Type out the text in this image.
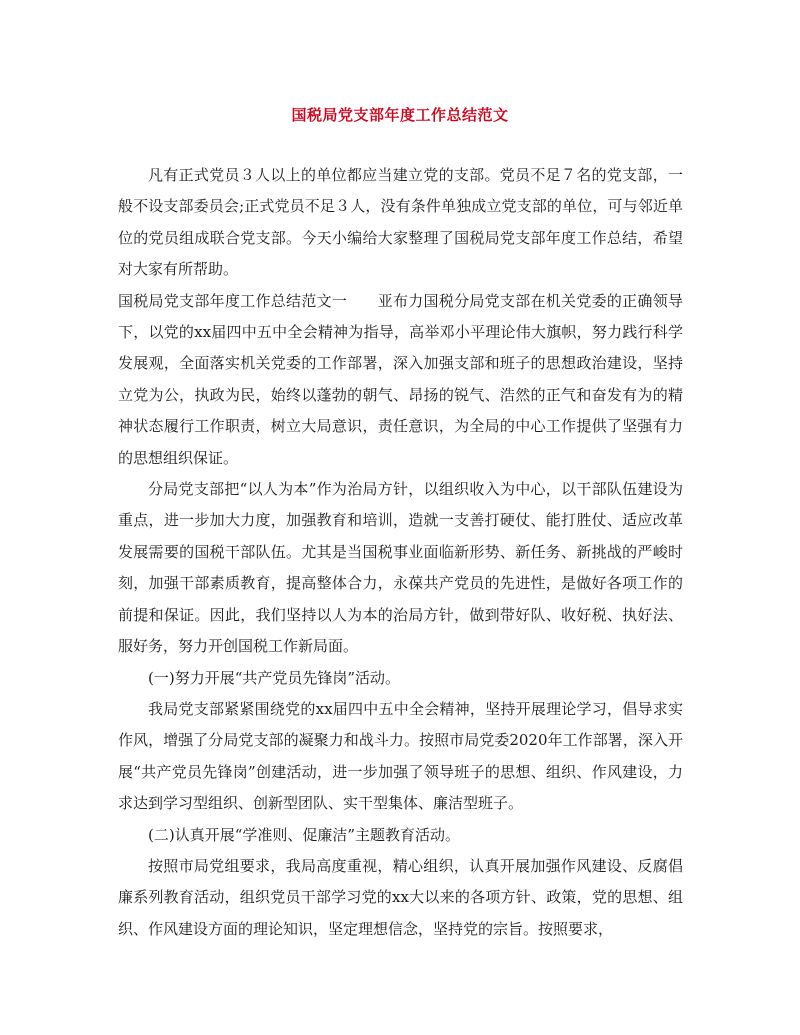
国税局党支部年度工作总结范文

凡有正式党员３人以上的单位都应当建立党的支部。党员不足７名的党支部，一般不设支部委员会;正式党员不足３人，没有条件单独成立党支部的单位，可与邻近单位的党员组成联合党支部。今天小编给大家整理了国税局党支部年度工作总结，希望对大家有所帮助。

国税局党支部年度工作总结范文一　　亚布力国税分局党支部在机关党委的正确领导下，以党的xx届四中五中全会精神为指导，高举邓小平理论伟大旗帜，努力践行科学发展观，全面落实机关党委的工作部署，深入加强支部和班子的思想政治建设，坚持立党为公，执政为民，始终以蓬勃的朝气、昂扬的锐气、浩然的正气和奋发有为的精神状态履行工作职责，树立大局意识，责任意识，为全局的中心工作提供了坚强有力的思想组织保证。

分局党支部把“以人为本”作为治局方针，以组织收入为中心，以干部队伍建设为重点，进一步加大力度，加强教育和培训，造就一支善打硬仗、能打胜仗、适应改革发展需要的国税干部队伍。尤其是当国税事业面临新形势、新任务、新挑战的严峻时刻，加强干部素质教育，提高整体合力，永葆共产党员的先进性，是做好各项工作的前提和保证。因此，我们坚持以人为本的治局方针，做到带好队、收好税、执好法、服好务，努力开创国税工作新局面。

(一)努力开展“共产党员先锋岗”活动。

我局党支部紧紧围绕党的xx届四中五中全会精神，坚持开展理论学习，倡导求实作风，增强了分局党支部的凝聚力和战斗力。按照市局党委2020年工作部署，深入开展“共产党员先锋岗”创建活动，进一步加强了领导班子的思想、组织、作风建设，力求达到学习型组织、创新型团队、实干型集体、廉洁型班子。

(二)认真开展“学准则、促廉洁”主题教育活动。

按照市局党组要求，我局高度重视，精心组织，认真开展加强作风建设、反腐倡廉系列教育活动，组织党员干部学习党的xx大以来的各项方针、政策，党的思想、组织、作风建设方面的理论知识，坚定理想信念，坚持党的宗旨。按照要求，
